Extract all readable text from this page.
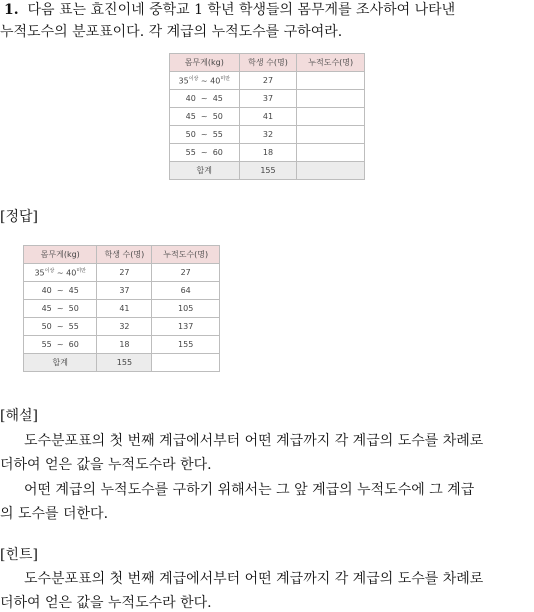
1. 다음 표는 효진이네 중학교 1 학년 학생들의 몸무게를 조사하여 나타낸
누적도수의 분포표이다. 각 계급의 누적도수를 구하여라.
몸무게(kg)	학생 수(명)	누적도수(명)
$35^{이상}$ ~ $40^{미만}$	27	
40 ~ 45	37	
45 ~ 50	41	
50 ~ 55	32	
55 ~ 60	18	
합계	155	
[정답]
몸무게(kg)	학생 수(명)	누적도수(명)
$35^{이상}$ ~ $40^{미만}$	27	27
40 ~ 45	37	64
45 ~ 50	41	105
50 ~ 55	32	137
55 ~ 60	18	155
합계	155	
[해설]
도수분포표의 첫 번째 계급에서부터 어떤 계급까지 각 계급의 도수를 차례로
더하여 얻은 값을 누적도수라 한다.
어떤 계급의 누적도수를 구하기 위해서는 그 앞 계급의 누적도수에 그 계급
의 도수를 더한다.
[힌트]
도수분포표의 첫 번째 계급에서부터 어떤 계급까지 각 계급의 도수를 차례로
더하여 얻은 값을 누적도수라 한다.
